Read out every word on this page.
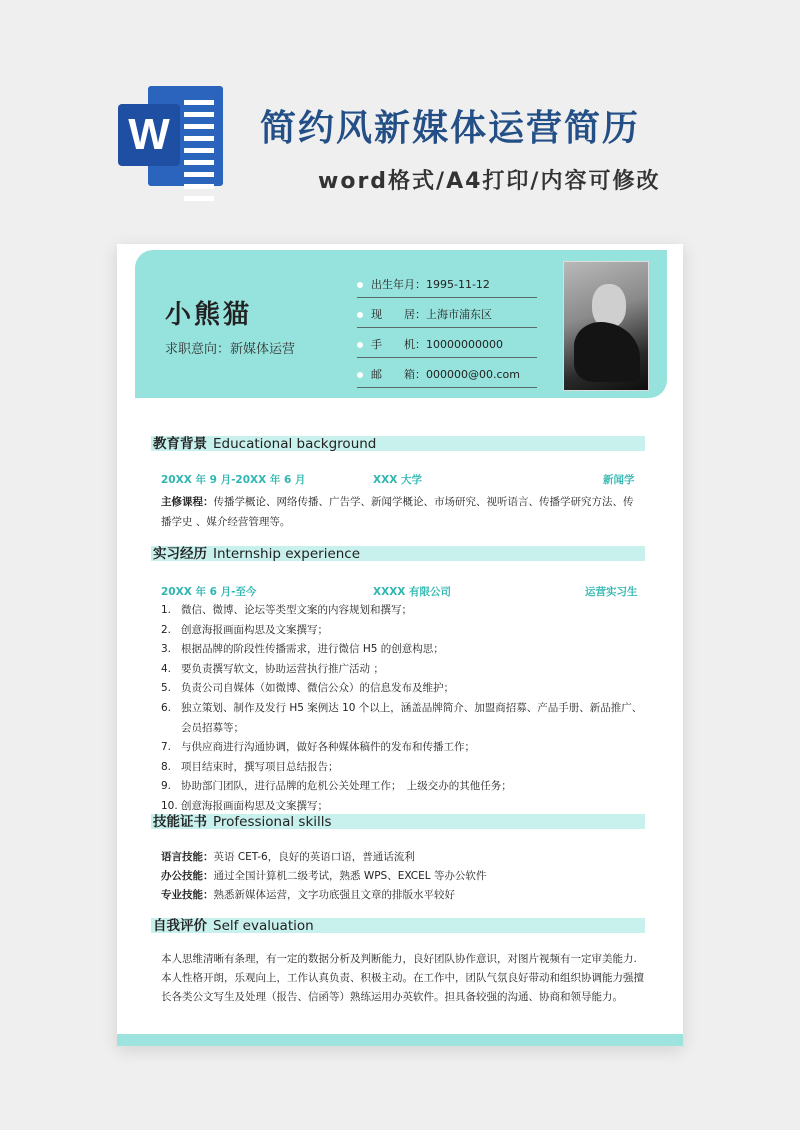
W	简约风新媒体运营简历
word格式/A4打印/内容可修改
小熊猫
求职意向：新媒体运营
出生年月：1995-11-12
现　　居：上海市浦东区
手　　机：10000000000
邮　　箱：000000@00.com
教育背景 Educational background
20XX 年 9 月-20XX 年 6 月	XXX 大学	新闻学
主修课程：传播学概论、网络传播、广告学、新闻学概论、市场研究、视听语言、传播学研究方法、传
播学史 、媒介经营管理等。
实习经历 Internship experience
20XX 年 6 月-至今	XXXX 有限公司	运营实习生
1. 微信、微博、论坛等类型文案的内容规划和撰写；
2. 创意海报画面构思及文案撰写；
3. 根据品牌的阶段性传播需求，进行微信 H5 的创意构思；
4. 要负责撰写软文，协助运营执行推广活动 ；
5. 负责公司自媒体（如微博、微信公众）的信息发布及维护；
6. 独立策划、制作及发行 H5 案例达 10 个以上，涵盖品牌简介、加盟商招募、产品手册、新品推广、会员招募等；
7. 与供应商进行沟通协调，做好各种媒体稿件的发布和传播工作；
8. 项目结束时，撰写项目总结报告；
9. 协助部门团队，进行品牌的危机公关处理工作；　上级交办的其他任务；
10. 创意海报画面构思及文案撰写；
技能证书 Professional skills
语言技能：英语 CET-6，良好的英语口语，普通话流利
办公技能：通过全国计算机二级考试，熟悉 WPS、EXCEL 等办公软件
专业技能：熟悉新媒体运营，文字功底强且文章的排版水平较好
自我评价 Self evaluation
本人思维清晰有条理，有一定的数据分析及判断能力，良好团队协作意识，对图片视频有一定审美能力.本人性格开朗，乐观向上，工作认真负责、积极主动。在工作中，团队气氛良好带动和组织协调能力强擅长各类公文写生及处理（报告、信函等）熟练运用办英软件。担具备较强的沟通、协商和领导能力。
